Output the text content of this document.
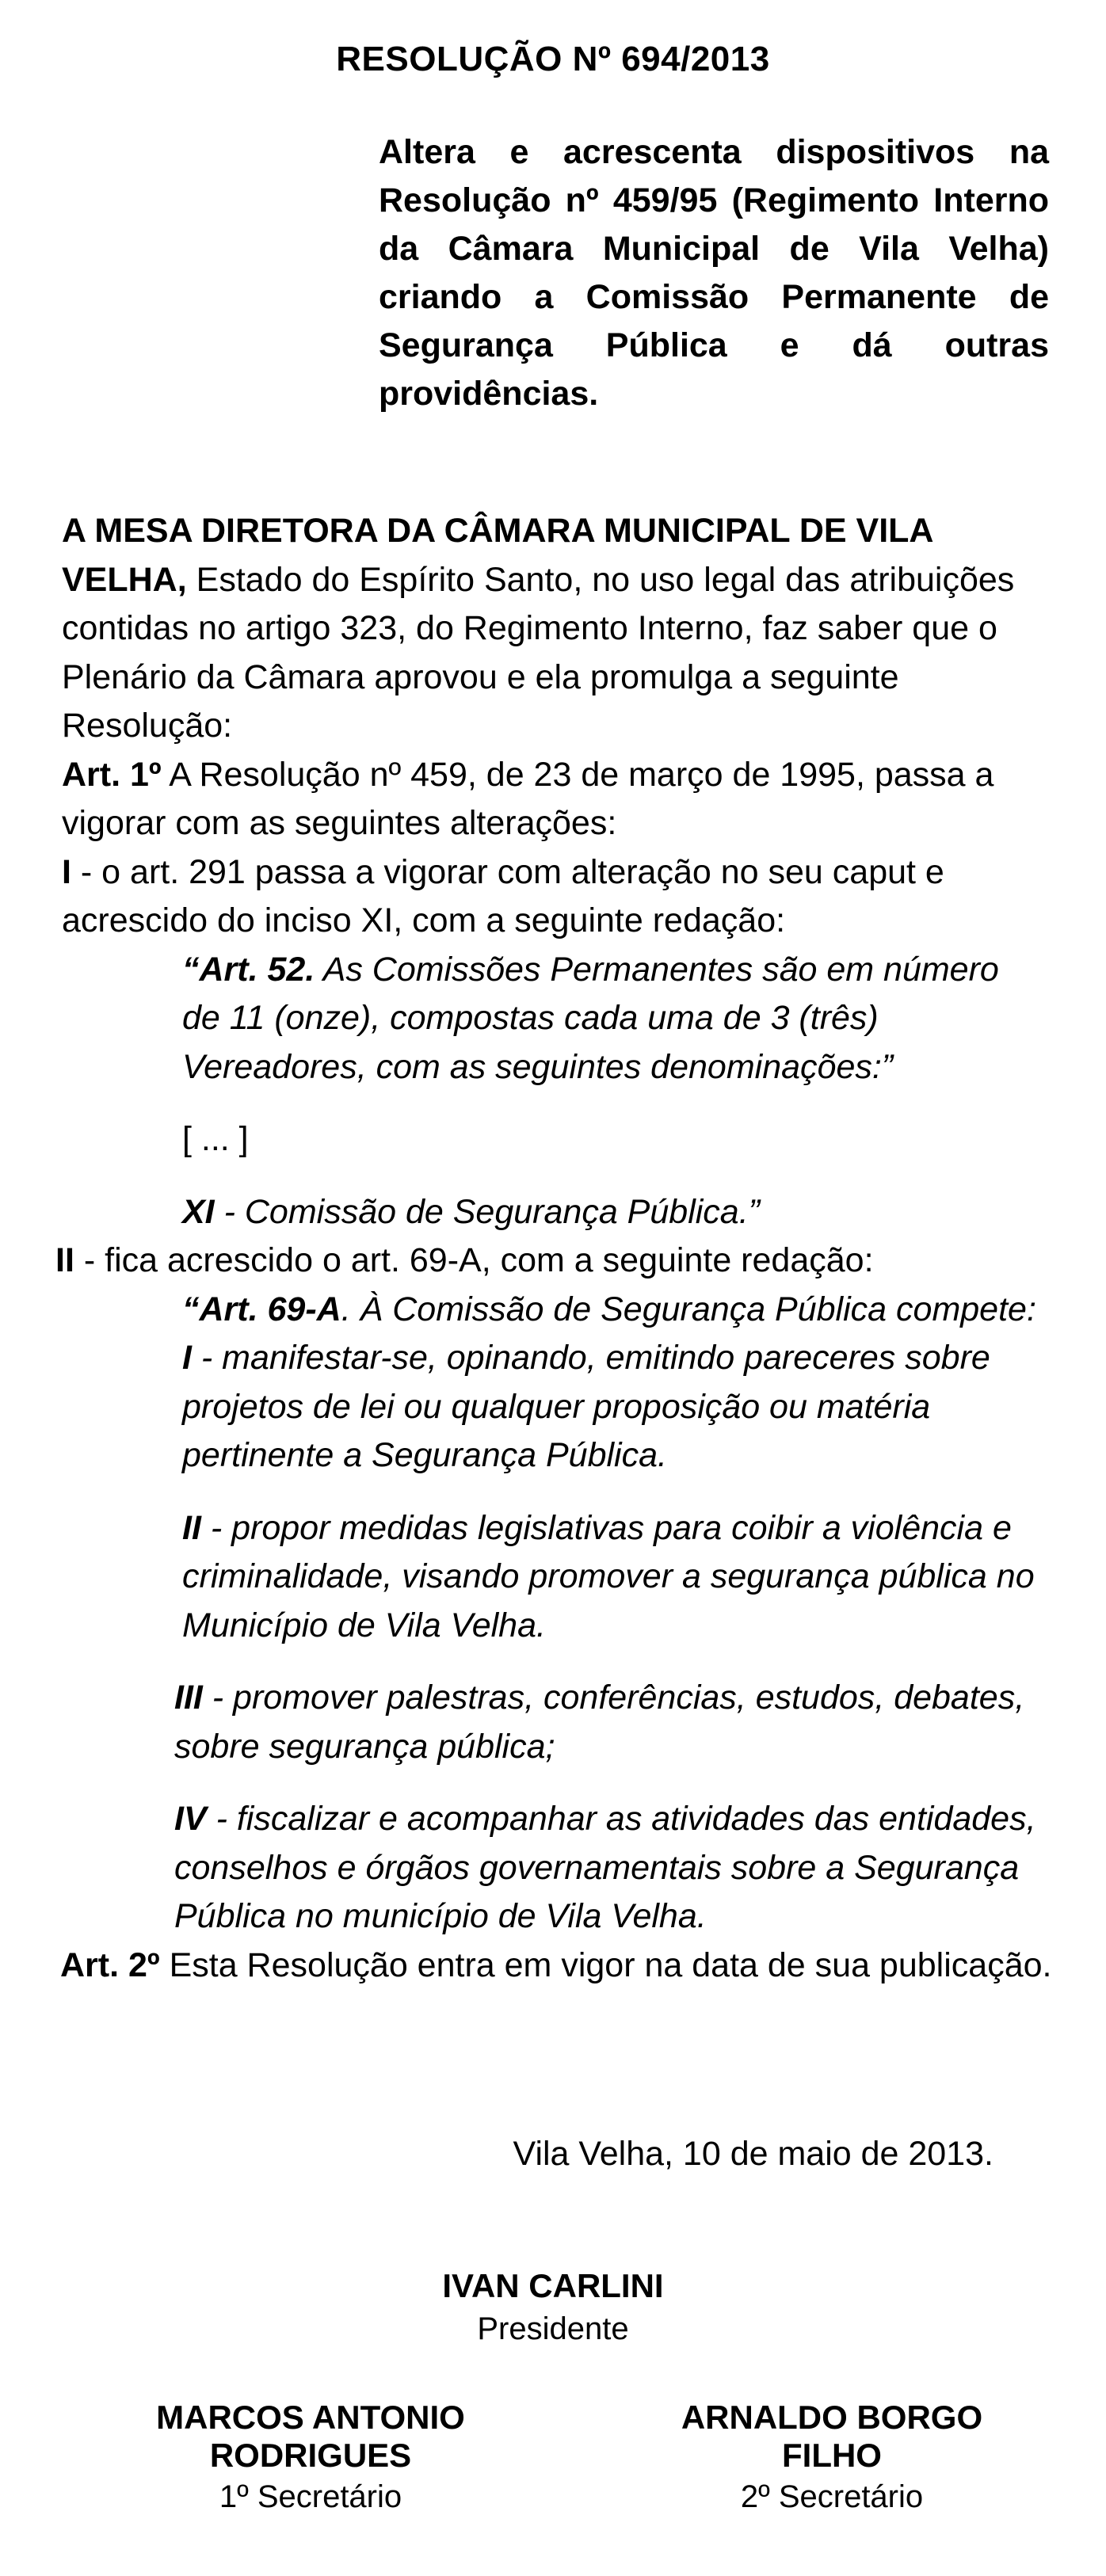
RESOLUÇÃO Nº 694/2013
Altera e acrescenta dispositivos na Resolução nº 459/95 (Regimento Interno da Câmara Municipal de Vila Velha) criando a Comissão Permanente de Segurança Pública e dá outras providências.
A MESA DIRETORA DA CÂMARA MUNICIPAL DE VILA VELHA, Estado do Espírito Santo, no uso legal das atribuições contidas no artigo 323, do Regimento Interno, faz saber que o Plenário da Câmara aprovou e ela promulga a seguinte Resolução:
Art. 1º A Resolução nº 459, de 23 de março de 1995, passa a vigorar com as seguintes alterações:
I - o art. 291 passa a vigorar com alteração no seu caput e acrescido do inciso XI, com a seguinte redação:
“Art. 52. As Comissões Permanentes são em número de 11 (onze), compostas cada uma de 3 (três) Vereadores, com as seguintes denominações:”
[ ... ]
XI - Comissão de Segurança Pública.”
II - fica acrescido o art. 69-A, com a seguinte redação:
“Art. 69-A. À Comissão de Segurança Pública compete:
I - manifestar-se, opinando, emitindo pareceres sobre projetos de lei ou qualquer proposição ou matéria pertinente a Segurança Pública.
II - propor medidas legislativas para coibir a violência e criminalidade, visando promover a segurança pública no Município de Vila Velha.
III - promover palestras, conferências, estudos, debates, sobre segurança pública;
IV - fiscalizar e acompanhar as atividades das entidades, conselhos e órgãos governamentais sobre a Segurança Pública no município de Vila Velha.
Art. 2º Esta Resolução entra em vigor na data de sua publicação.
Vila Velha, 10 de maio de 2013.
IVAN CARLINI
Presidente
MARCOS ANTONIO RODRIGUES
1º Secretário
ARNALDO BORGO FILHO
2º Secretário
